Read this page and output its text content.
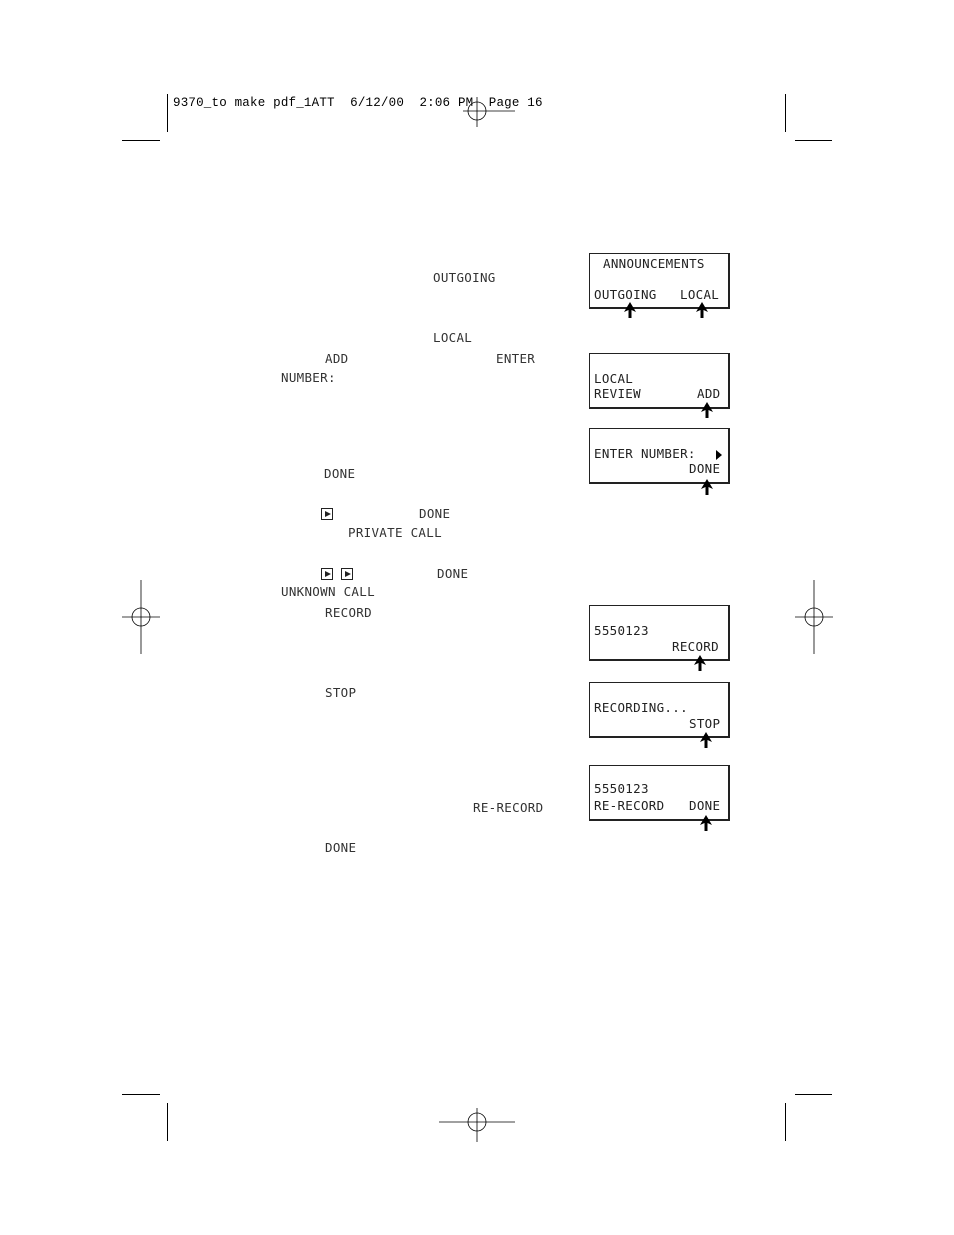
9370_to make pdf_1ATT  6/12/00  2:06 PM  Page 16
OUTGOING
LOCAL
ADD	ENTER
NUMBER:
DONE
DONE
PRIVATE CALL
DONE
UNKNOWN CALL
RECORD
STOP
RE-RECORD
DONE
ANNOUNCEMENTS
OUTGOING LOCAL
LOCAL
REVIEW	ADD
ENTER NUMBER:
DONE
5550123
RECORD
RECORDING...
STOP
5550123
RE-RECORD DONE
